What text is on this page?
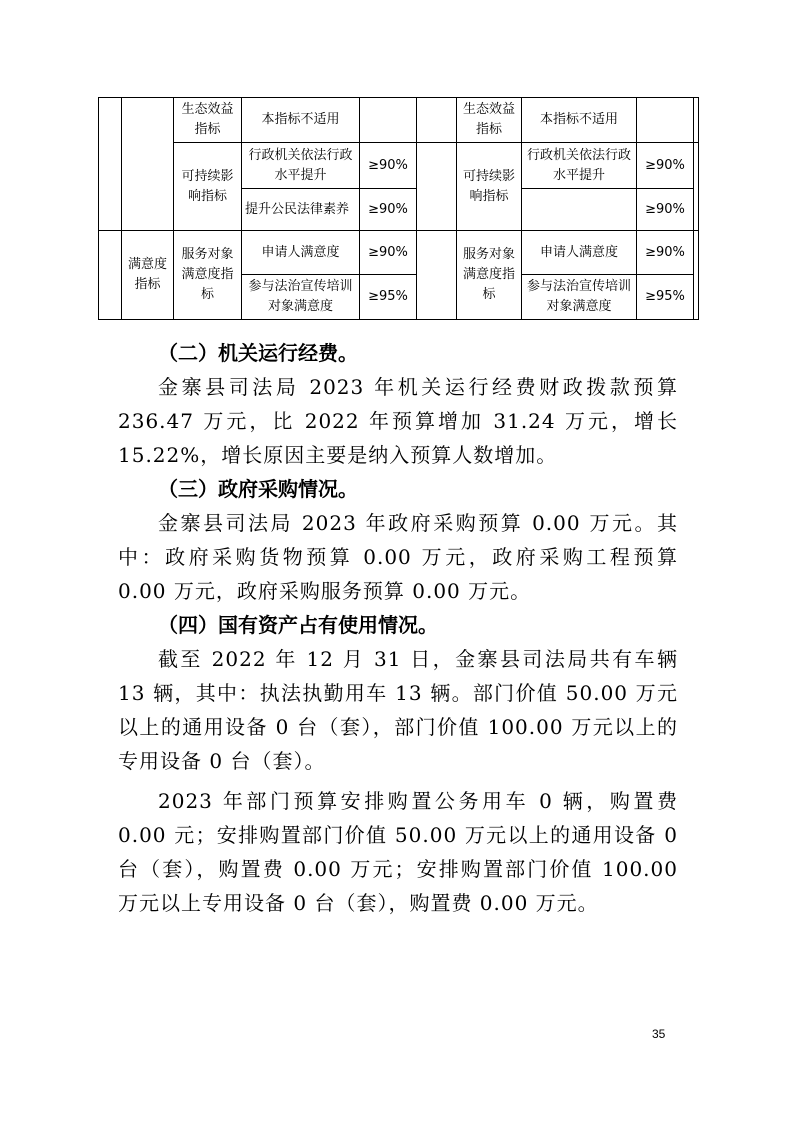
		生态效益指标	本指标不适用			生态效益指标	本指标不适用		
		可持续影响指标	行政机关依法行政水平提升	≥90%		可持续影响指标	行政机关依法行政水平提升	≥90%	
			提升公民法律素养	≥90%				≥90%	
	满意度指标	服务对象满意度指标	申请人满意度	≥90%		服务对象满意度指标	申请人满意度	≥90%	
			参与法治宣传培训对象满意度	≥95%			参与法治宣传培训对象满意度	≥95%	

（二）机关运行经费。

金寨县司法局 2023 年机关运行经费财政拨款预算 236.47 万元，比 2022 年预算增加 31.24 万元，增长 15.22%，增长原因主要是纳入预算人数增加。

（三）政府采购情况。

金寨县司法局 2023 年政府采购预算 0.00 万元。其中：政府采购货物预算 0.00 万元，政府采购工程预算 0.00 万元，政府采购服务预算 0.00 万元。

（四）国有资产占有使用情况。

截至 2022 年 12 月 31 日，金寨县司法局共有车辆 13 辆，其中：执法执勤用车 13 辆。部门价值 50.00 万元以上的通用设备 0 台（套），部门价值 100.00 万元以上的专用设备 0 台（套）。

2023 年部门预算安排购置公务用车 0 辆，购置费 0.00 元；安排购置部门价值 50.00 万元以上的通用设备 0 台（套），购置费 0.00 万元；安排购置部门价值 100.00 万元以上专用设备 0 台（套），购置费 0.00 万元。

35
